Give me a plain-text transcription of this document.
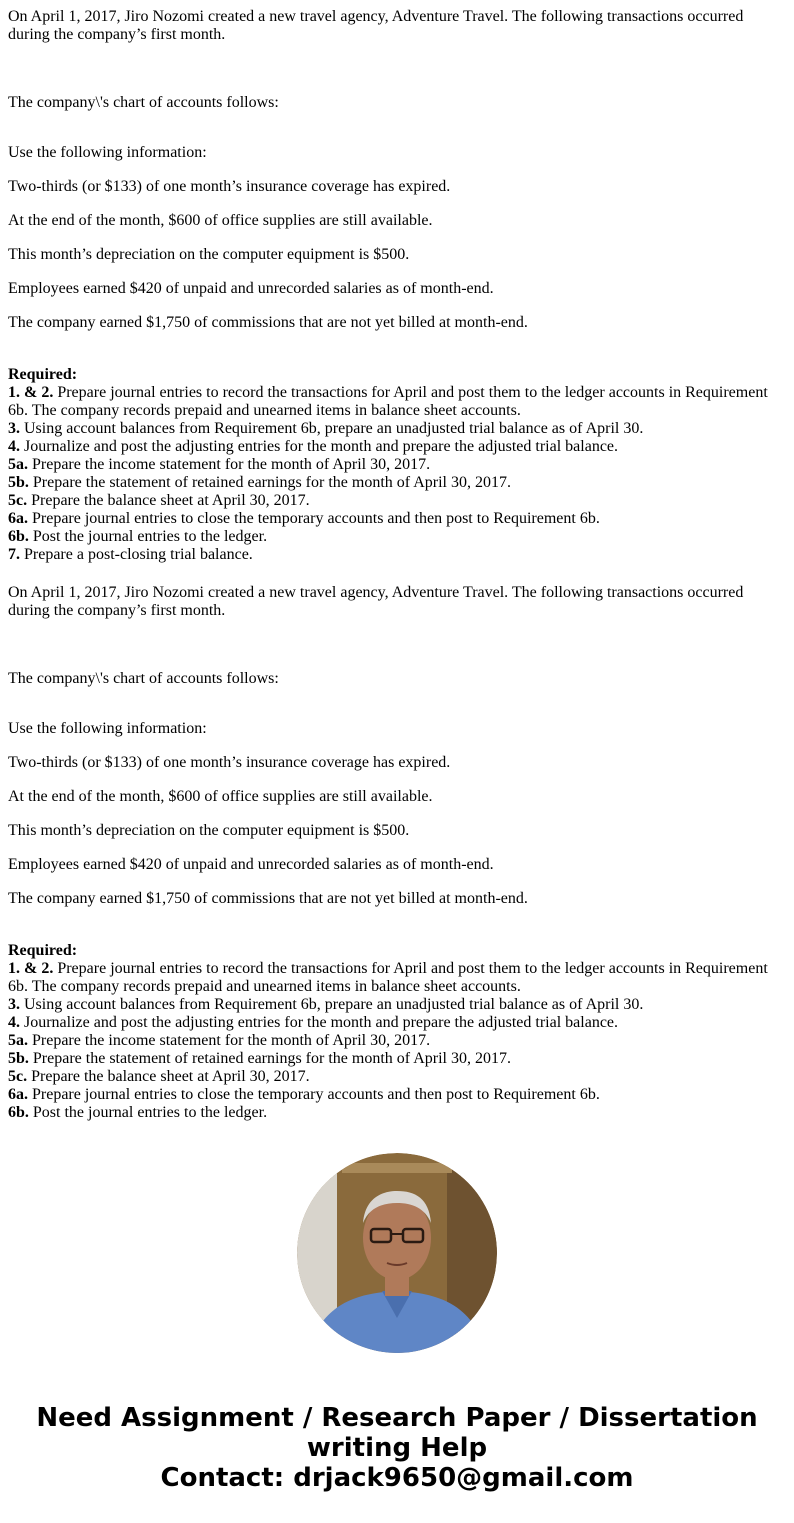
On April 1, 2017, Jiro Nozomi created a new travel agency, Adventure Travel. The following transactions occurred during the company’s first month.

The company\'s chart of accounts follows:

Use the following information:

Two-thirds (or $133) of one month’s insurance coverage has expired.

At the end of the month, $600 of office supplies are still available.

This month’s depreciation on the computer equipment is $500.

Employees earned $420 of unpaid and unrecorded salaries as of month-end.

The company earned $1,750 of commissions that are not yet billed at month-end.

Required:
1. & 2. Prepare journal entries to record the transactions for April and post them to the ledger accounts in Requirement 6b. The company records prepaid and unearned items in balance sheet accounts.
3. Using account balances from Requirement 6b, prepare an unadjusted trial balance as of April 30.
4. Journalize and post the adjusting entries for the month and prepare the adjusted trial balance.
5a. Prepare the income statement for the month of April 30, 2017.
5b. Prepare the statement of retained earnings for the month of April 30, 2017.
5c. Prepare the balance sheet at April 30, 2017.
6a. Prepare journal entries to close the temporary accounts and then post to Requirement 6b.
6b. Post the journal entries to the ledger.
7. Prepare a post-closing trial balance.

On April 1, 2017, Jiro Nozomi created a new travel agency, Adventure Travel. The following transactions occurred during the company’s first month.

The company\'s chart of accounts follows:

Use the following information:

Two-thirds (or $133) of one month’s insurance coverage has expired.

At the end of the month, $600 of office supplies are still available.

This month’s depreciation on the computer equipment is $500.

Employees earned $420 of unpaid and unrecorded salaries as of month-end.

The company earned $1,750 of commissions that are not yet billed at month-end.

Required:
1. & 2. Prepare journal entries to record the transactions for April and post them to the ledger accounts in Requirement 6b. The company records prepaid and unearned items in balance sheet accounts.
3. Using account balances from Requirement 6b, prepare an unadjusted trial balance as of April 30.
4. Journalize and post the adjusting entries for the month and prepare the adjusted trial balance.
5a. Prepare the income statement for the month of April 30, 2017.
5b. Prepare the statement of retained earnings for the month of April 30, 2017.
5c. Prepare the balance sheet at April 30, 2017.
6a. Prepare journal entries to close the temporary accounts and then post to Requirement 6b.
6b. Post the journal entries to the ledger.
Need Assignment / Research Paper / Dissertation
writing Help
Contact: drjack9650@gmail.com
